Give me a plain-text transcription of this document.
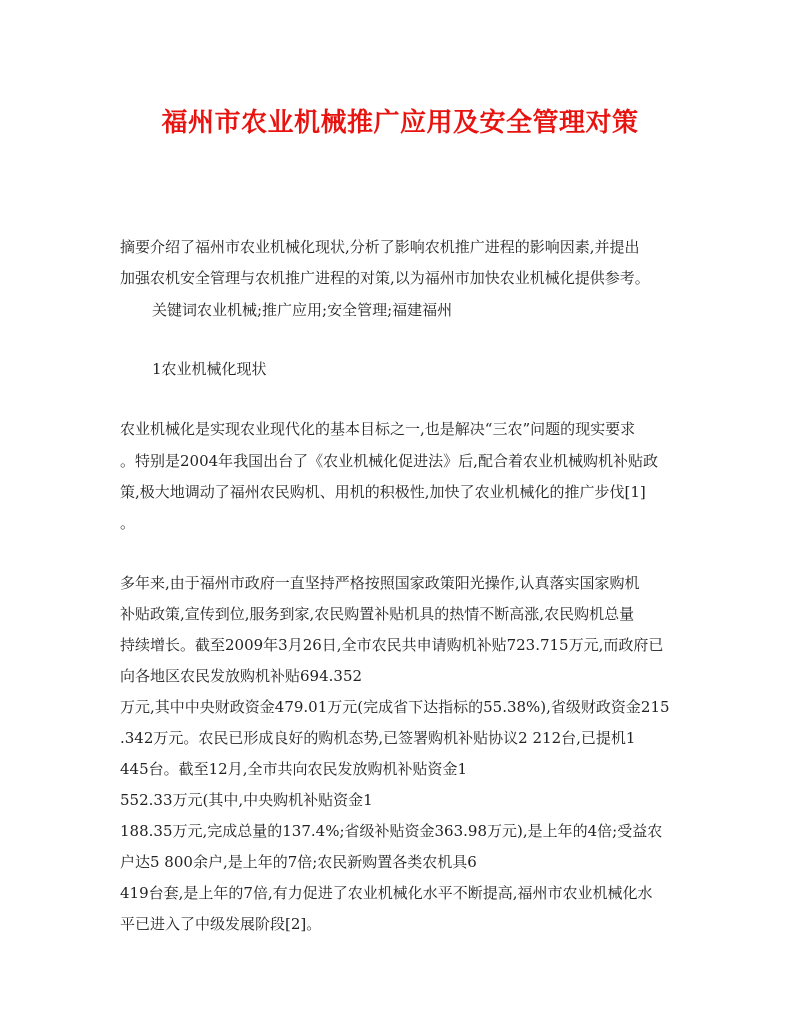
福州市农业机械推广应用及安全管理对策
摘要介绍了福州市农业机械化现状,分析了影响农机推广进程的影响因素,并提出
加强农机安全管理与农机推广进程的对策,以为福州市加快农业机械化提供参考。
关键词农业机械;推广应用;安全管理;福建福州
1农业机械化现状
农业机械化是实现农业现代化的基本目标之一,也是解决“三农”问题的现实要求
。特别是2004年我国出台了《农业机械化促进法》后,配合着农业机械购机补贴政
策,极大地调动了福州农民购机、用机的积极性,加快了农业机械化的推广步伐[1]
。
多年来,由于福州市政府一直坚持严格按照国家政策阳光操作,认真落实国家购机
补贴政策,宣传到位,服务到家,农民购置补贴机具的热情不断高涨,农民购机总量
持续增长。截至2009年3月26日,全市农民共申请购机补贴723.715万元,而政府已
向各地区农民发放购机补贴694.352
万元,其中中央财政资金479.01万元(完成省下达指标的55.38%),省级财政资金215
.342万元。农民已形成良好的购机态势,已签署购机补贴协议2 212台,已提机1
445台。截至12月,全市共向农民发放购机补贴资金1
552.33万元(其中,中央购机补贴资金1
188.35万元,完成总量的137.4%;省级补贴资金363.98万元),是上年的4倍;受益农
户达5 800余户,是上年的7倍;农民新购置各类农机具6
419台套,是上年的7倍,有力促进了农业机械化水平不断提高,福州市农业机械化水
平已进入了中级发展阶段[2]。
